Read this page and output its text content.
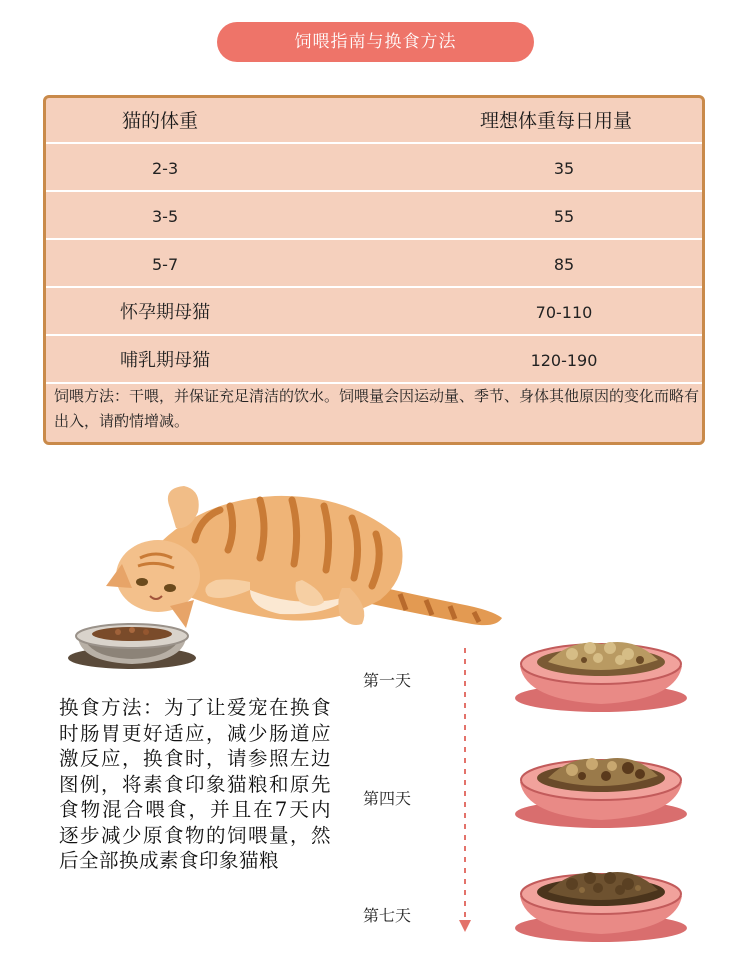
饲喂指南与换食方法
猫的体重	理想体重每日用量
2-3	35
3-5	55
5-7	85
怀孕期母猫	70-110
哺乳期母猫	120-190
饲喂方法：干喂，并保证充足清洁的饮水。饲喂量会因运动量、季节、身体其他原因的变化而略有出入，请酌情增减。
换食方法：为了让爱宠在换食时肠胃更好适应，减少肠道应激反应，换食时，请参照左边图例，将素食印象猫粮和原先食物混合喂食，并且在7天内逐步减少原食物的饲喂量，然后全部换成素食印象猫粮
第一天
第四天
第七天
